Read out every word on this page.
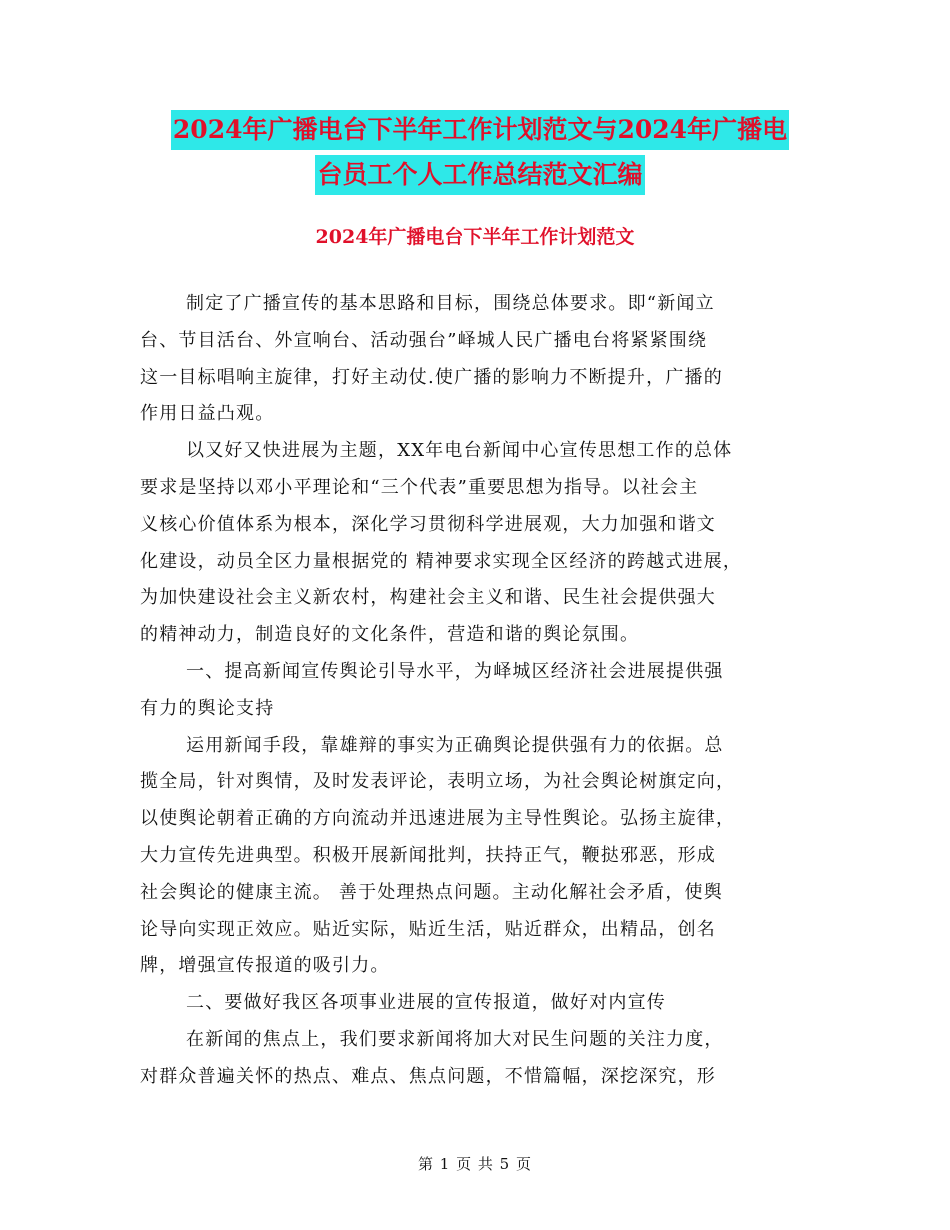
2024年广播电台下半年工作计划范文与2024年广播电
台员工个人工作总结范文汇编
2024年广播电台下半年工作计划范文
制定了广播宣传的基本思路和目标，围绕总体要求。即“新闻立
台、节目活台、外宣响台、活动强台”峄城人民广播电台将紧紧围绕
这一目标唱响主旋律，打好主动仗.使广播的影响力不断提升，广播的
作用日益凸观。
以又好又快进展为主题，XX年电台新闻中心宣传思想工作的总体
要求是坚持以邓小平理论和“三个代表”重要思想为指导。以社会主
义核心价值体系为根本，深化学习贯彻科学进展观，大力加强和谐文
化建设，动员全区力量根据党的 精神要求实现全区经济的跨越式进展，
为加快建设社会主义新农村，构建社会主义和谐、民生社会提供强大
的精神动力，制造良好的文化条件，营造和谐的舆论氛围。
一、提高新闻宣传舆论引导水平，为峄城区经济社会进展提供强
有力的舆论支持
运用新闻手段，靠雄辩的事实为正确舆论提供强有力的依据。总
揽全局，针对舆情，及时发表评论，表明立场，为社会舆论树旗定向，
以使舆论朝着正确的方向流动并迅速进展为主导性舆论。弘扬主旋律，
大力宣传先进典型。积极开展新闻批判，扶持正气，鞭挞邪恶，形成
社会舆论的健康主流。 善于处理热点问题。主动化解社会矛盾，使舆
论导向实现正效应。贴近实际，贴近生活，贴近群众，出精品，创名
牌，增强宣传报道的吸引力。
二、要做好我区各项事业进展的宣传报道，做好对内宣传
在新闻的焦点上，我们要求新闻将加大对民生问题的关注力度，
对群众普遍关怀的热点、难点、焦点问题，不惜篇幅，深挖深究，形
第 1 页 共 5 页
